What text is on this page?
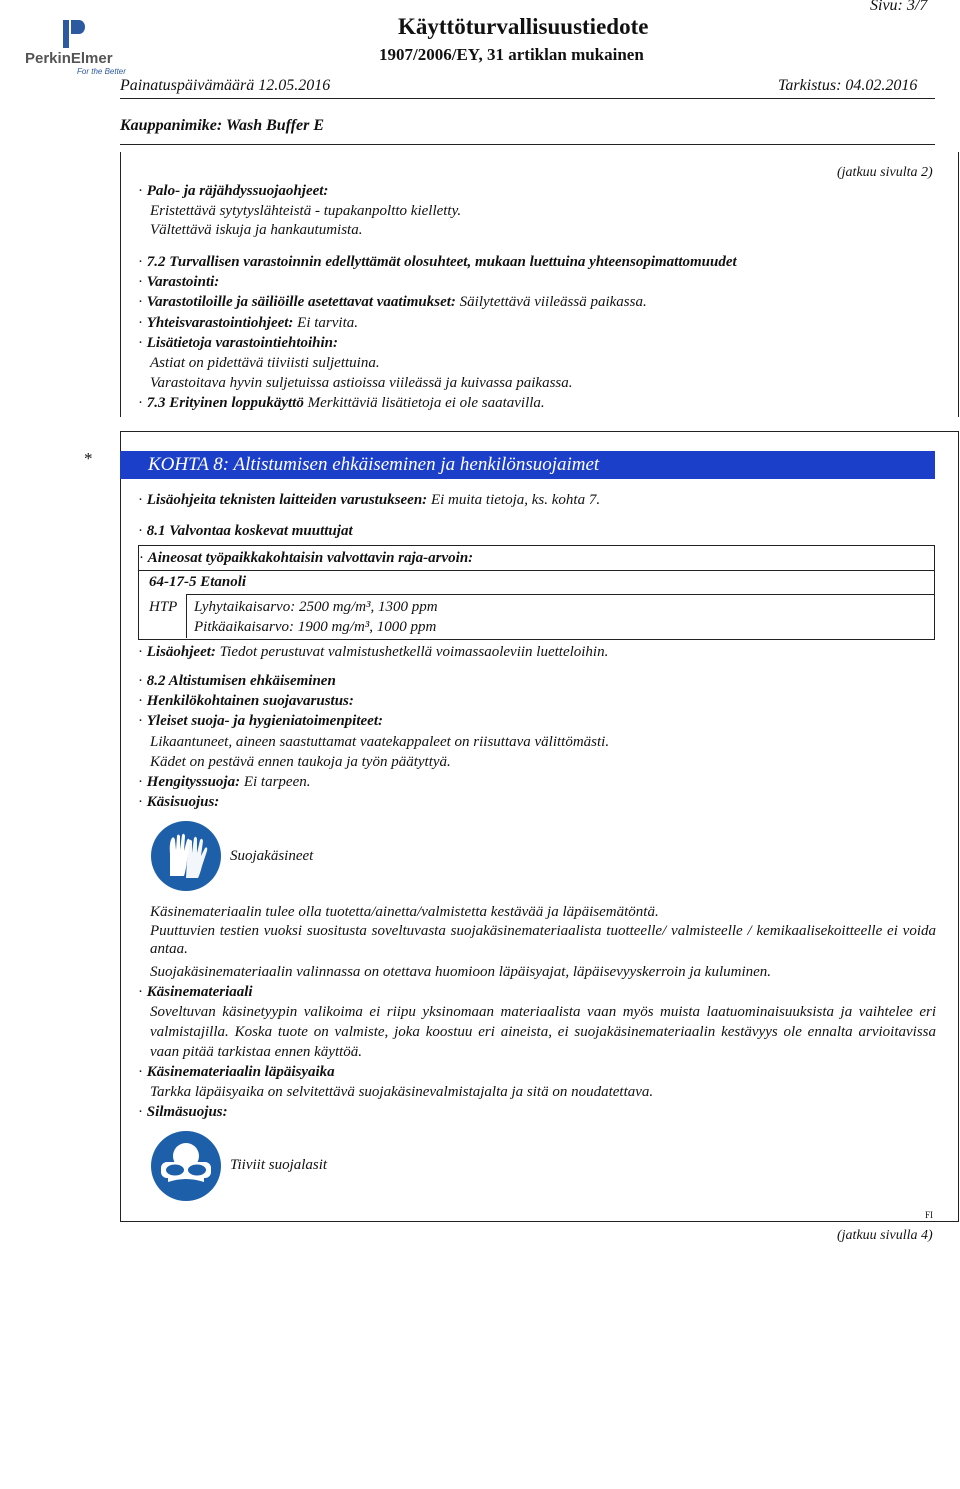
PerkinElmer
For the Better
Käyttöturvallisuustiedote
1907/2006/EY, 31 artiklan mukainen
Sivu: 3/7
Painatuspäivämäärä 12.05.2016	Tarkistus: 04.02.2016
Kauppanimike: Wash Buffer E
(jatkuu sivulta 2)
· Palo- ja räjähdyssuojaohjeet:
Eristettävä sytytyslähteistä - tupakanpoltto kielletty.
Vältettävä iskuja ja hankautumista.
· 7.2 Turvallisen varastoinnin edellyttämät olosuhteet, mukaan luettuina yhteensopimattomuudet
· Varastointi:
· Varastotiloille ja säiliöille asetettavat vaatimukset: Säilytettävä viileässä paikassa.
· Yhteisvarastointiohjeet: Ei tarvita.
· Lisätietoja varastointiehtoihin:
Astiat on pidettävä tiiviisti suljettuina.
Varastoitava hyvin suljetuissa astioissa viileässä ja kuivassa paikassa.
· 7.3 Erityinen loppukäyttö Merkittäviä lisätietoja ei ole saatavilla.
*	KOHTA 8: Altistumisen ehkäiseminen ja henkilönsuojaimet
· Lisäohjeita teknisten laitteiden varustukseen: Ei muita tietoja, ks. kohta 7.
· 8.1 Valvontaa koskevat muuttujat
· Aineosat työpaikkakohtaisin valvottavin raja-arvoin:
64-17-5 Etanoli
HTP Lyhytaikaisarvo: 2500 mg/m³, 1300 ppm
Pitkäaikaisarvo: 1900 mg/m³, 1000 ppm
· Lisäohjeet: Tiedot perustuvat valmistushetkellä voimassaoleviin luetteloihin.
· 8.2 Altistumisen ehkäiseminen
· Henkilökohtainen suojavarustus:
· Yleiset suoja- ja hygieniatoimenpiteet:
Likaantuneet, aineen saastuttamat vaatekappaleet on riisuttava välittömästi.
Kädet on pestävä ennen taukoja ja työn päätyttyä.
· Hengityssuoja: Ei tarpeen.
· Käsisuojus:
Suojakäsineet
Käsinemateriaalin tulee olla tuotetta/ainetta/valmistetta kestävää ja läpäisemätöntä.
Puuttuvien testien vuoksi suositusta soveltuvasta suojakäsinemateriaalista tuotteelle/ valmisteelle / kemikaalisekoitteelle ei voida antaa.
Suojakäsinemateriaalin valinnassa on otettava huomioon läpäisyajat, läpäisevyyskerroin ja kuluminen.
· Käsinemateriaali
Soveltuvan käsinetyypin valikoima ei riipu yksinomaan materiaalista vaan myös muista laatuominaisuuksista ja vaihtelee eri valmistajilla. Koska tuote on valmiste, joka koostuu eri aineista, ei suojakäsinemateriaalin kestävyys ole ennalta arvioitavissa vaan pitää tarkistaa ennen käyttöä.
· Käsinemateriaalin läpäisyaika
Tarkka läpäisyaika on selvitettävä suojakäsinevalmistajalta ja sitä on noudatettava.
· Silmäsuojus:
Tiiviit suojalasit
FI
(jatkuu sivulla 4)
